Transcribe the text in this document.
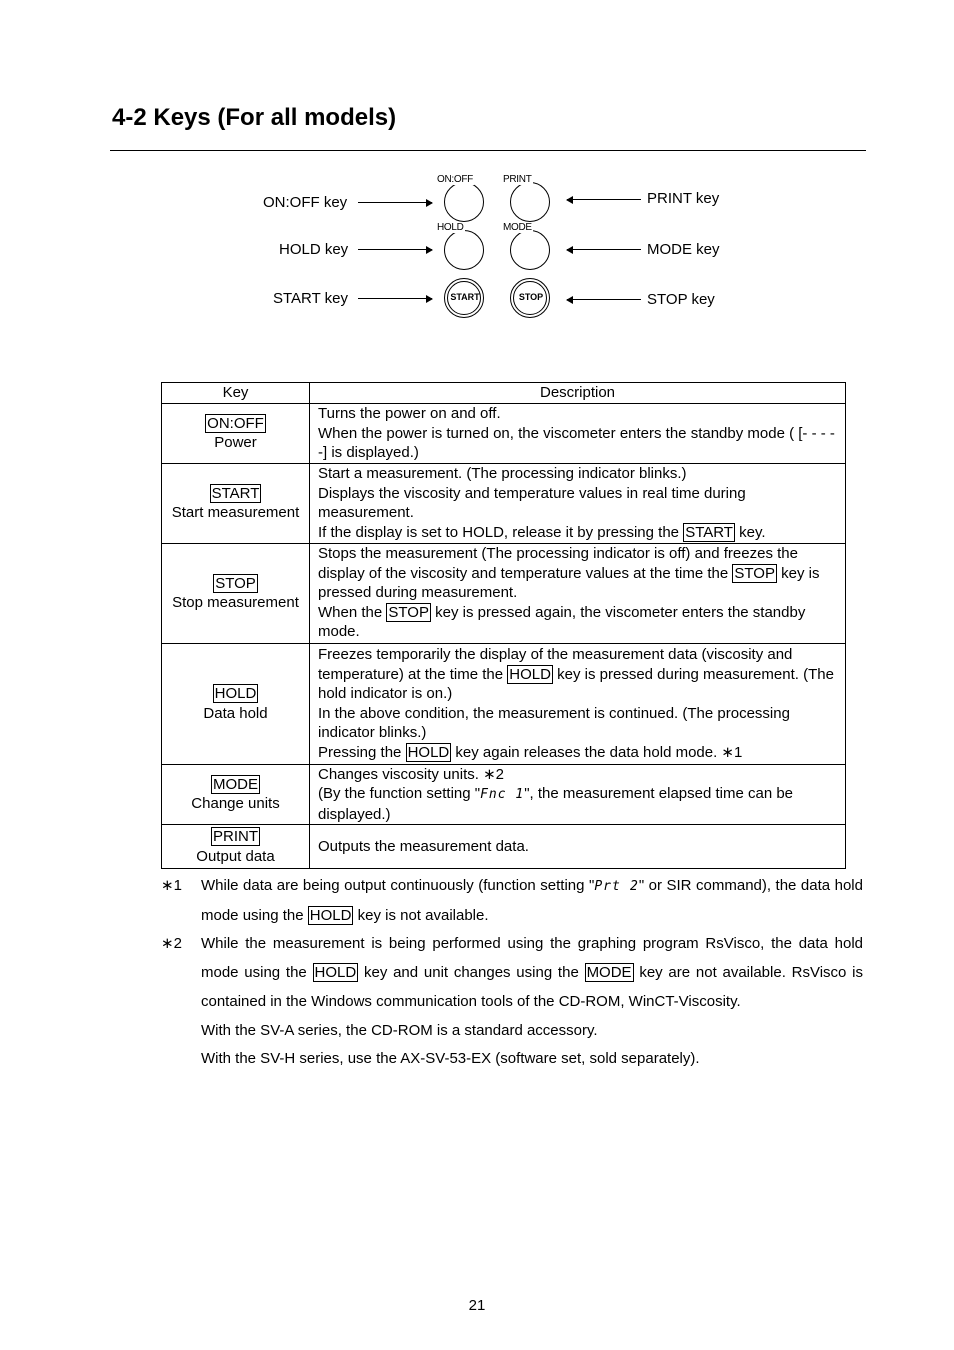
4-2 Keys (For all models)
ON:OFF key
HOLD key
START key
PRINT key
MODE key
STOP key
ON:OFF	PRINT
HOLD	MODE
START	STOP
Key	Description
ON:OFF
Power	Turns the power on and off.
When the power is turned on, the viscometer enters the standby mode ( [- - - - -] is displayed.)
START
Start measurement	Start a measurement. (The processing indicator blinks.)
Displays the viscosity and temperature values in real time during measurement.
If the display is set to HOLD, release it by pressing the START key.
STOP
Stop measurement	Stops the measurement (The processing indicator is off) and freezes the display of the viscosity and temperature values at the time the STOP key is pressed during measurement.
When the STOP key is pressed again, the viscometer enters the standby mode.
HOLD
Data hold	Freezes temporarily the display of the measurement data (viscosity and temperature) at the time the HOLD key is pressed during measurement. (The hold indicator is on.)
In the above condition, the measurement is continued. (The processing indicator blinks.)
Pressing the HOLD key again releases the data hold mode. ∗1
MODE
Change units	Changes viscosity units. ∗2
(By the function setting "Fnc 1", the measurement elapsed time can be displayed.)
PRINT
Output data	Outputs the measurement data.
∗1 While data are being output continuously (function setting "Prt 2" or SIR command), the data hold mode using the HOLD key is not available.

∗2 While the measurement is being performed using the graphing program RsVisco, the data hold mode using the HOLD key and unit changes using the MODE key are not available. RsVisco is contained in the Windows communication tools of the CD-ROM, WinCT-Viscosity.

With the SV-A series, the CD-ROM is a standard accessory.

With the SV-H series, use the AX-SV-53-EX (software set, sold separately).

21
